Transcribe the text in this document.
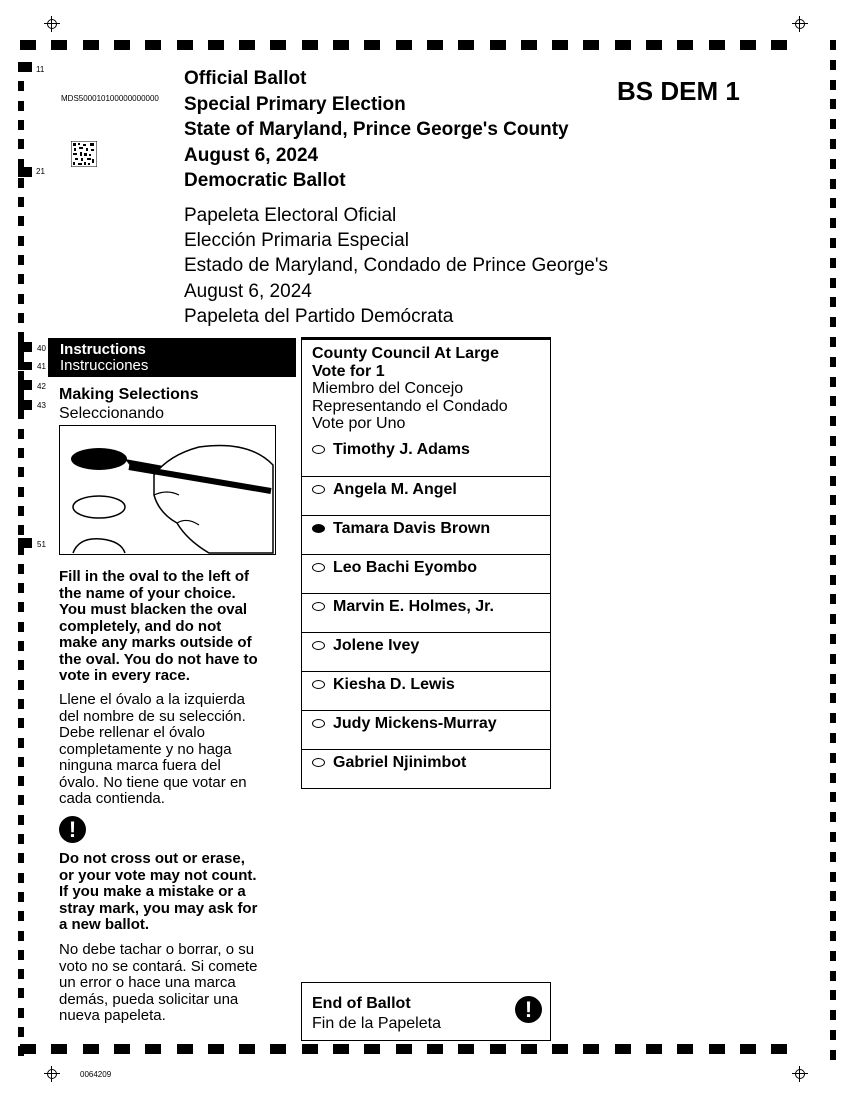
MDS500010100000000000
11
21
40
41
42
43
51
Official Ballot
Special Primary Election
State of Maryland, Prince George's County
August 6, 2024
Democratic Ballot
BS DEM 1
Papeleta Electoral Oficial
Elección Primaria Especial
Estado de Maryland, Condado de Prince George's
August 6, 2024
Papeleta del Partido Demócrata
Instructions
Instrucciones
Making Selections
Seleccionando
Fill in the oval to the left of
the name of your choice.
You must blacken the oval
completely, and do not
make any marks outside of
the oval. You do not have to
vote in every race.
Llene el óvalo a la izquierda
del nombre de su selección.
Debe rellenar el óvalo
completamente y no haga
ninguna marca fuera del
óvalo. No tiene que votar en
cada contienda.
!
Do not cross out or erase,
or your vote may not count.
If you make a mistake or a
stray mark, you may ask for
a new ballot.
No debe tachar o borrar, o su
voto no se contará. Si comete
un error o hace una marca
demás, pueda solicitar una
nueva papeleta.
County Council At Large
Vote for 1
Miembro del Concejo
Representando el Condado
Vote por Uno
Timothy J. Adams
Angela M. Angel
Tamara Davis Brown
Leo Bachi Eyombo
Marvin E. Holmes, Jr.
Jolene Ivey
Kiesha D. Lewis
Judy Mickens-Murray
Gabriel Njinimbot
End of Ballot
Fin de la Papeleta
!
0064209
